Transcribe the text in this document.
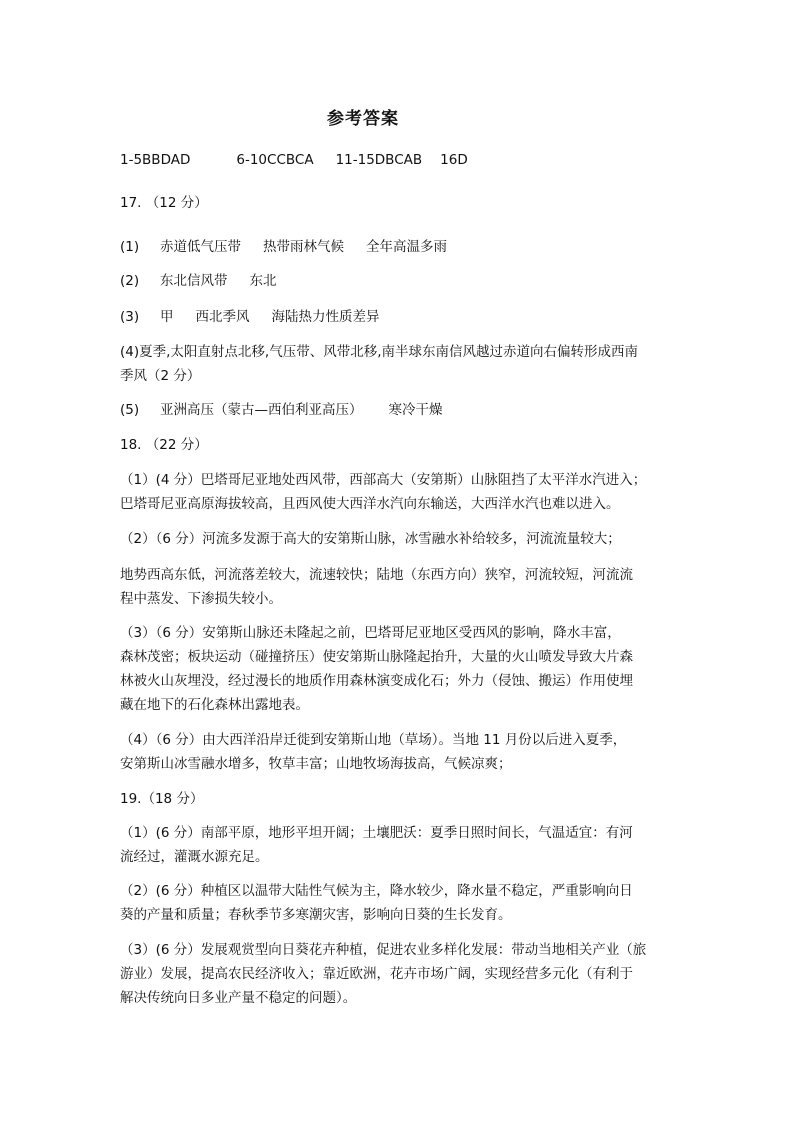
参考答案
1-5BBDAD	6-10CCBCA 11-15DBCAB 16D
17. （12 分）
(1) 赤道低气压带 热带雨林气候 全年高温多雨
(2) 东北信风带 东北
(3) 甲 西北季风 海陆热力性质差异
(4)夏季,太阳直射点北移,气压带、风带北移,南半球东南信风越过赤道向右偏转形成西南
季风（2 分）
(5) 亚洲高压（蒙古—西伯利亚高压） 寒冷干燥
18. （22 分）
（1）(4 分）巴塔哥尼亚地处西风带，西部高大（安第斯）山脉阻挡了太平洋水汽进入；
巴塔哥尼亚高原海拔较高，且西风使大西洋水汽向东输送，大西洋水汽也难以进入。
（2）（6 分）河流多发源于高大的安第斯山脉，冰雪融水补给较多，河流流量较大；
地势西高东低，河流落差较大，流速较快；陆地（东西方向）狭窄，河流较短，河流流
程中蒸发、下渗损失较小。
（3）（6 分）安第斯山脉还未隆起之前，巴塔哥尼亚地区受西风的影响，降水丰富，
森林茂密；板块运动（碰撞挤压）使安第斯山脉隆起抬升，大量的火山喷发导致大片森
林被火山灰埋没，经过漫长的地质作用森林演变成化石；外力（侵蚀、搬运）作用使埋
藏在地下的石化森林出露地表。
（4）（6 分）由大西洋沿岸迁徙到安第斯山地（草场）。当地 11 月份以后进入夏季，
安第斯山冰雪融水增多，牧草丰富；山地牧场海拔高，气候凉爽；
19.（18 分）
（1）(6 分）南部平原，地形平坦开阔；土壤肥沃：夏季日照时间长，气温适宜：有河
流经过，灌溉水源充足。
（2）(6 分）种植区以温带大陆性气候为主，降水较少，降水量不稳定，严重影响向日
葵的产量和质量；春秋季节多寒潮灾害，影响向日葵的生长发育。
（3）(6 分）发展观赏型向日葵花卉种植，促进农业多样化发展：带动当地相关产业（旅
游业）发展，提高农民经济收入；靠近欧洲，花卉市场广阔，实现经营多元化（有利于
解决传统向日多业产量不稳定的问题）。
